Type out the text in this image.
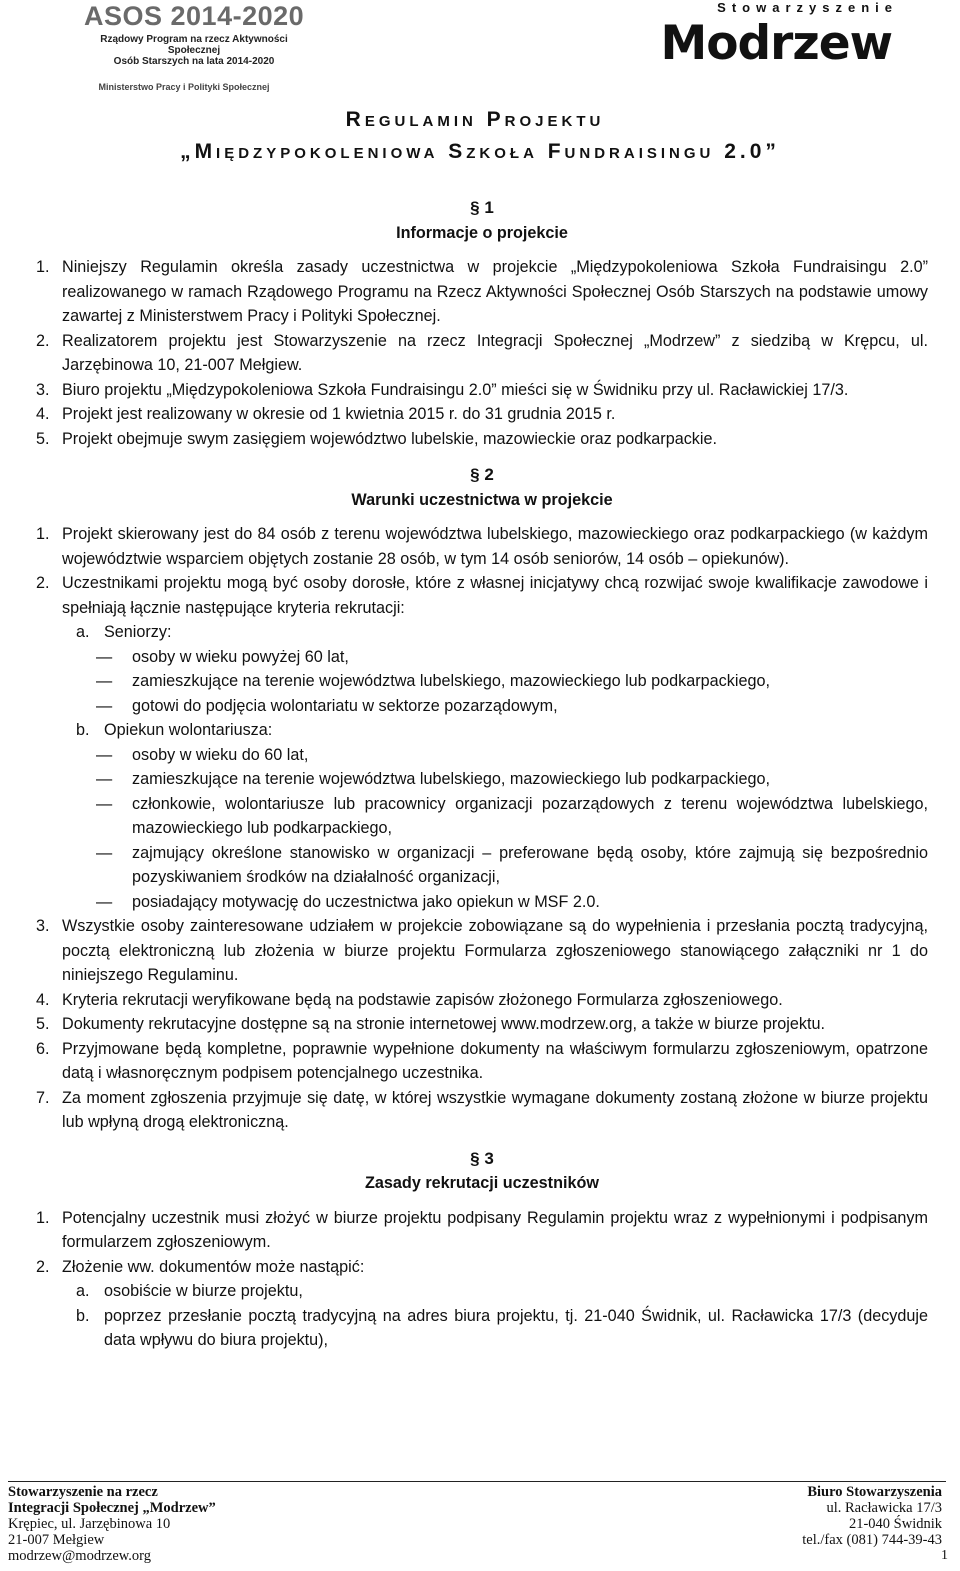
ASOS 2014-2020
Rządowy Program na rzecz Aktywności Społecznej
Osób Starszych na lata 2014-2020
Ministerstwo Pracy i Polityki Społecznej
Stowarzyszenie
Modrzew
Regulamin Projektu
„Międzypokoleniowa Szkoła Fundraisingu 2.0”
§ 1
Informacje o projekcie
1. Niniejszy Regulamin określa zasady uczestnictwa w projekcie „Międzypokoleniowa Szkoła Fundraisingu 2.0” realizowanego w ramach Rządowego Programu na Rzecz Aktywności Społecznej Osób Starszych na podstawie umowy zawartej z Ministerstwem Pracy i Polityki Społecznej.
2. Realizatorem projektu jest Stowarzyszenie na rzecz Integracji Społecznej „Modrzew” z siedzibą w Krępcu, ul. Jarzębinowa 10, 21-007 Mełgiew.
3. Biuro projektu „Międzypokoleniowa Szkoła Fundraisingu 2.0” mieści się w Świdniku przy ul. Racławickiej 17/3.
4. Projekt jest realizowany w okresie od 1 kwietnia 2015 r. do 31 grudnia 2015 r.
5. Projekt obejmuje swym zasięgiem województwo lubelskie, mazowieckie oraz podkarpackie.
§ 2
Warunki uczestnictwa w projekcie
1. Projekt skierowany jest do 84 osób z terenu województwa lubelskiego, mazowieckiego oraz podkarpackiego (w każdym województwie wsparciem objętych zostanie 28 osób, w tym 14 osób seniorów, 14 osób – opiekunów).
2. Uczestnikami projektu mogą być osoby dorosłe, które z własnej inicjatywy chcą rozwijać swoje kwalifikacje zawodowe i spełniają łącznie następujące kryteria rekrutacji:
a. Seniorzy:
—	osoby w wieku powyżej 60 lat,
—	zamieszkujące na terenie województwa lubelskiego, mazowieckiego lub podkarpackiego,
—	gotowi do podjęcia wolontariatu w sektorze pozarządowym,
b. Opiekun wolontariusza:
—	osoby w wieku do 60 lat,
—	zamieszkujące na terenie województwa lubelskiego, mazowieckiego lub podkarpackiego,
—	członkowie, wolontariusze lub pracownicy organizacji pozarządowych z terenu województwa lubelskiego, mazowieckiego lub podkarpackiego,
—	zajmujący określone stanowisko w organizacji – preferowane będą osoby, które zajmują się bezpośrednio pozyskiwaniem środków na działalność organizacji,
—	posiadający motywację do uczestnictwa jako opiekun w MSF 2.0.
3. Wszystkie osoby zainteresowane udziałem w projekcie zobowiązane są do wypełnienia i przesłania pocztą tradycyjną, pocztą elektroniczną lub złożenia w biurze projektu Formularza zgłoszeniowego stanowiącego załączniki nr 1 do niniejszego Regulaminu.
4. Kryteria rekrutacji weryfikowane będą na podstawie zapisów złożonego Formularza zgłoszeniowego.
5. Dokumenty rekrutacyjne dostępne są na stronie internetowej www.modrzew.org, a także w biurze projektu.
6. Przyjmowane będą kompletne, poprawnie wypełnione dokumenty na właściwym formularzu zgłoszeniowym, opatrzone datą i własnoręcznym podpisem potencjalnego uczestnika.
7. Za moment zgłoszenia przyjmuje się datę, w której wszystkie wymagane dokumenty zostaną złożone w biurze projektu lub wpłyną drogą elektroniczną.
§ 3
Zasady rekrutacji uczestników
1. Potencjalny uczestnik musi złożyć w biurze projektu podpisany Regulamin projektu wraz z wypełnionymi i podpisanym formularzem zgłoszeniowym.
2. Złożenie ww. dokumentów może nastąpić:
a. osobiście w biurze projektu,
b. poprzez przesłanie pocztą tradycyjną na adres biura projektu, tj. 21-040 Świdnik, ul. Racławicka 17/3 (decyduje data wpływu do biura projektu),
Stowarzyszenie na rzecz
Integracji Społecznej „Modrzew”
Krępiec, ul. Jarzębinowa 10
21-007 Mełgiew
modrzew@modrzew.org
Biuro Stowarzyszenia
ul. Racławicka 17/3
21-040 Świdnik
tel./fax (081) 744-39-43
1
